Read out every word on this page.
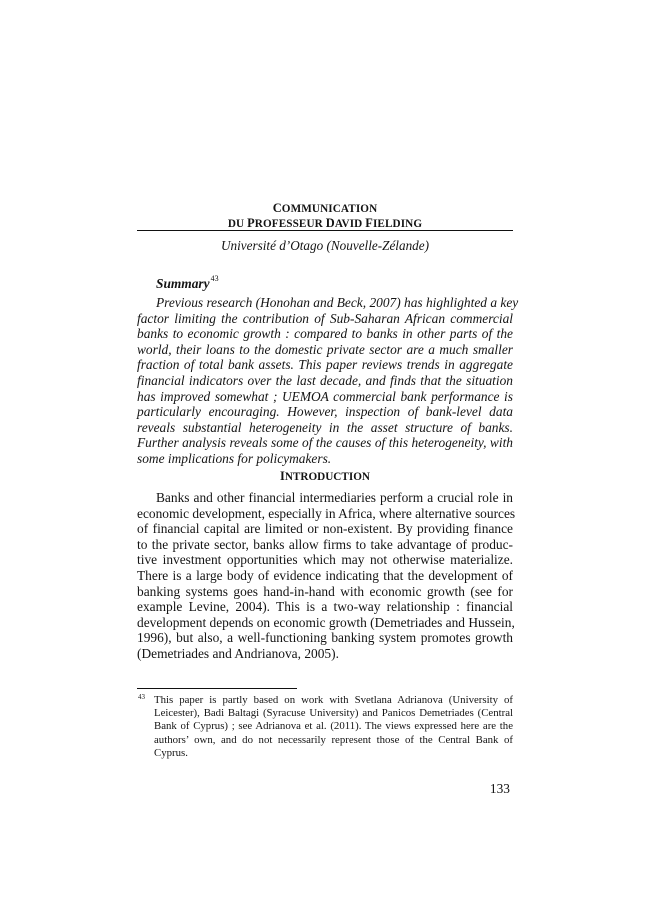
COMMUNICATION
DU PROFESSEUR DAVID FIELDING
Université d’Otago (Nouvelle-Zélande)
Summary$^{43}$
Previous research (Honohan and Beck, 2007) has highlighted a key
factor limiting the contribution of Sub-Saharan African commercial
banks to economic growth : compared to banks in other parts of the
world, their loans to the domestic private sector are a much smaller
fraction of total bank assets. This paper reviews trends in aggregate
financial indicators over the last decade, and finds that the situation
has improved somewhat ; UEMOA commercial bank performance is
particularly encouraging. However, inspection of bank-level data
reveals substantial heterogeneity in the asset structure of banks.
Further analysis reveals some of the causes of this heterogeneity, with
some implications for policymakers.
INTRODUCTION
Banks and other financial intermediaries perform a crucial role in
economic development, especially in Africa, where alternative sources
of financial capital are limited or non-existent. By providing finance
to the private sector, banks allow firms to take advantage of produc-
tive investment opportunities which may not otherwise materialize.
There is a large body of evidence indicating that the development of
banking systems goes hand-in-hand with economic growth (see for
example Levine, 2004). This is a two-way relationship : financial
development depends on economic growth (Demetriades and Hussein,
1996), but also, a well-functioning banking system promotes growth
(Demetriades and Andrianova, 2005).
43 This paper is partly based on work with Svetlana Adrianova (University of
Leicester), Badi Baltagi (Syracuse University) and Panicos Demetriades (Central
Bank of Cyprus) ; see Adrianova et al. (2011). The views expressed here are the
authors’ own, and do not necessarily represent those of the Central Bank of
Cyprus.
133
